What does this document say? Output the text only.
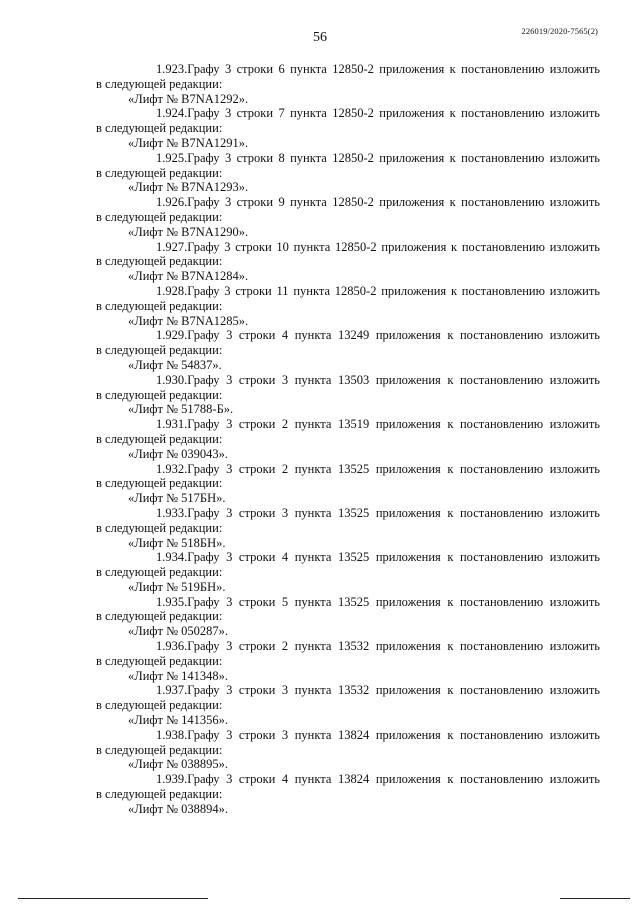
56	226019/2020-7565(2)
1.923.Графу 3 строки 6 пункта 12850-2 приложения к постановлению изложить
в следующей редакции:
«Лифт № B7NA1292».
1.924.Графу 3 строки 7 пункта 12850-2 приложения к постановлению изложить
в следующей редакции:
«Лифт № B7NA1291».
1.925.Графу 3 строки 8 пункта 12850-2 приложения к постановлению изложить
в следующей редакции:
«Лифт № B7NA1293».
1.926.Графу 3 строки 9 пункта 12850-2 приложения к постановлению изложить
в следующей редакции:
«Лифт № B7NA1290».
1.927.Графу 3 строки 10 пункта 12850-2 приложения к постановлению изложить
в следующей редакции:
«Лифт № B7NA1284».
1.928.Графу 3 строки 11 пункта 12850-2 приложения к постановлению изложить
в следующей редакции:
«Лифт № B7NA1285».
1.929.Графу 3 строки 4 пункта 13249 приложения к постановлению изложить
в следующей редакции:
«Лифт № 54837».
1.930.Графу 3 строки 3 пункта 13503 приложения к постановлению изложить
в следующей редакции:
«Лифт № 51788-Б».
1.931.Графу 3 строки 2 пункта 13519 приложения к постановлению изложить
в следующей редакции:
«Лифт № 039043».
1.932.Графу 3 строки 2 пункта 13525 приложения к постановлению изложить
в следующей редакции:
«Лифт № 517БН».
1.933.Графу 3 строки 3 пункта 13525 приложения к постановлению изложить
в следующей редакции:
«Лифт № 518БН».
1.934.Графу 3 строки 4 пункта 13525 приложения к постановлению изложить
в следующей редакции:
«Лифт № 519БН».
1.935.Графу 3 строки 5 пункта 13525 приложения к постановлению изложить
в следующей редакции:
«Лифт № 050287».
1.936.Графу 3 строки 2 пункта 13532 приложения к постановлению изложить
в следующей редакции:
«Лифт № 141348».
1.937.Графу 3 строки 3 пункта 13532 приложения к постановлению изложить
в следующей редакции:
«Лифт № 141356».
1.938.Графу 3 строки 3 пункта 13824 приложения к постановлению изложить
в следующей редакции:
«Лифт № 038895».
1.939.Графу 3 строки 4 пункта 13824 приложения к постановлению изложить
в следующей редакции:
«Лифт № 038894».
